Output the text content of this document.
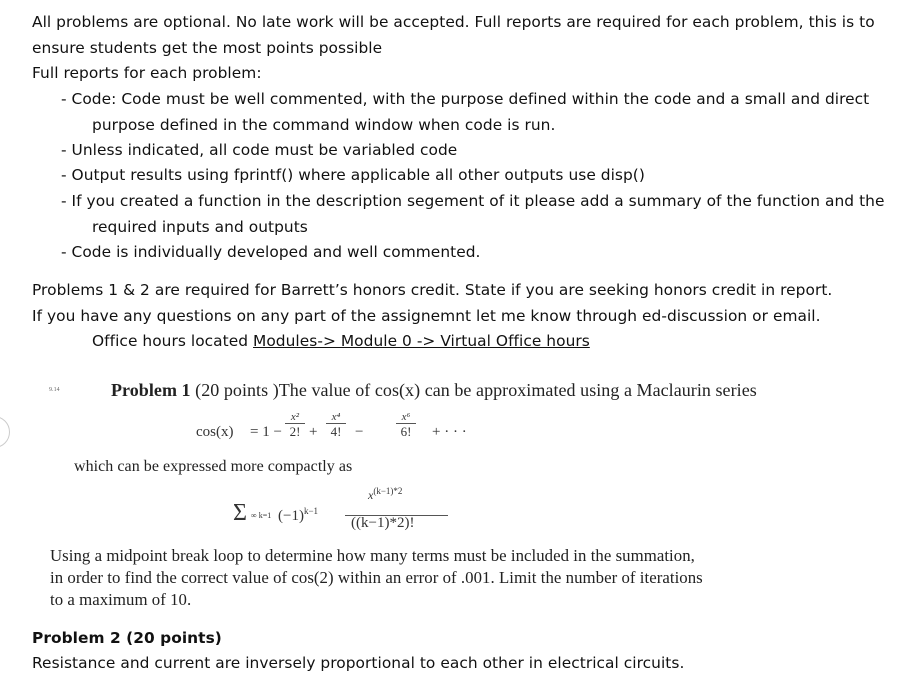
All problems are optional. No late work will be accepted. Full reports are required for each problem, this is to
ensure students get the most points possible
Full reports for each problem:
- Code: Code must be well commented, with the purpose defined within the code and a small and direct
purpose defined in the command window when code is run.
- Unless indicated, all code must be variabled code
- Output results using fprintf() where applicable all other outputs use disp()
- If you created a function in the description segement of it please add a summary of the function and the
required inputs and outputs
- Code is individually developed and well commented.
Problems 1 & 2 are required for Barrett’s honors credit. State if you are seeking honors credit in report.
If you have any questions on any part of the assignemnt let me know through ed-discussion or email.
Office hours located Modules-> Module 0 -> Virtual Office hours
9.14	Problem 1 (20 points )The value of cos(x) can be approximated using a Maclaurin series
cos(x) = 1 −
x²
2! +
x⁴
4! −
x⁶
6!	+ · · ·
which can be expressed more compactly as
Σ ∞ k=1 $(-1)^{k-1}$
$x^{(k-1)*2}$
((k−1)*2)!
Using a midpoint break loop to determine how many terms must be included in the summation,
in order to find the correct value of cos(2) within an error of .001. Limit the number of iterations
to a maximum of 10.
Problem 2 (20 points)
Resistance and current are inversely proportional to each other in electrical circuits.
